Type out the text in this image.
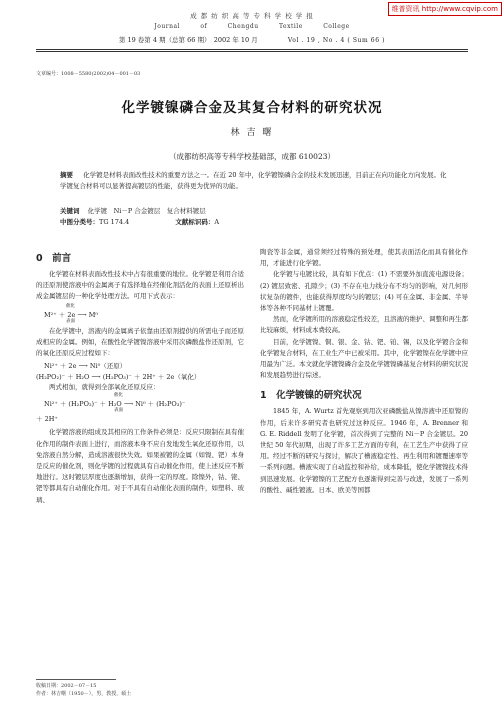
维普资讯 http://www.cqvip.com
成 都 纺 织 高 等 专 科 学 校 学 报
Journal	of	Chengdu	Textile	College
第 19 卷第 4 期（总第 66 期）　2002 年 10 月	Vol . 19 , No . 4 ( Sum 66 )
文章编号：1008－5580(2002)04－001－03
化学镀镍磷合金及其复合材料的研究状况
林 吉 曙
（成都纺织高等专科学校基础部，成都 610023）
摘要 化学镀是材料表面改性技术的重要方法之一。在近 20 年中，化学镀镍磷合金的技术发展迅速，目前正在向功能化方向发展。化学镀复合材料可以显著提高镀层的性能，获得更为优异的功能。
关键词 化学镀　Ni－P 合金镀层　复合材料镀层
中图分类号：TG 174.4	文献标识码：A
0　前言

化学镀在材料表面改性技术中占有很重要的地位。化学镀是利用合适的还原剂使溶液中的金属离子有选择地在经催化剂活化的表面上还原析出成金属镀层的一种化学处理方法。可用下式表示：

催化
M²⁺ ＋ 2e ⟶ M⁰
表面

在化学镀中，溶液内的金属离子依靠由还原剂提供的所需电子而还原成相应的金属。例如，在酸性化学镀镍溶液中采用次磷酸盐作还原剂，它的氧化还原反应过程如下：

Ni²⁺ ＋ 2e ⟶ Ni⁰（还原）
(H₂PO₂)⁻ ＋ H₂O ⟶ (H₂PO₃)⁻ ＋ 2H⁺ ＋ 2e（氧化）

两式相加，就得到全部氧化还原反应：

催化
Ni²⁺ ＋ (H₂PO₂)⁻ ＋ H₂O ⟶ Ni⁰ ＋ (H₂PO₃)⁻
表面
＋ 2H⁺

化学镀溶液的组成及其相应的工作条件必须是：反应只限制在具有催化作用的制件表面上进行，而溶液本身不应自发地发生氧化还原作用，以免溶液自然分解，造成溶液很快失效。如果被镀的金属（如镍、钯）本身是反应的催化剂，则化学镀的过程就具有自动催化作用，使上述反应不断地进行。这时镀层厚度也逐渐增加，获得一定的厚度。除镍外，钴、铑、钯等都具有自动催化作用。对于不具有自动催化表面的制件，如塑料、玻璃、

陶瓷等非金属，通常须经过特殊的预处理，使其表面活化而具有催化作用，才能进行化学镀。

化学镀与电镀比较，具有如下优点：(1) 不需要外加直流电源设备；(2) 镀层致密、孔隙少；(3) 不存在电力线分布不均匀的影响，对几何形状复杂的镀件，也能获得厚度均匀的镀层；(4) 可在金属、非金属、半导体等各种不同基材上镀覆。

然而，化学镀所用的溶液稳定性较差，且溶液的维护、调整和再生都比较麻烦，材料成本费较高。

目前，化学镀镍、铜、银、金、钴、钯、铂、锡，以及化学镀合金和化学镀复合材料，在工业生产中已被采用。其中，化学镀镍在化学镀中应用最为广泛。本文就化学镀镍磷合金及化学镀镍磷基复合材料的研究状况和发展趋势进行综述。

1　化学镀镍的研究状况

1845 年，A. Wurtz 首先观察到用次亚磷酸盐从镍溶液中还原镍的作用，后来许多研究者也研究过这种反应。1946 年，A. Brenner 和 G. E. Riddell 发明了化学镀，首次得到了完整的 Ni－P 合金镀层。20 世纪 50 年代初期，出现了许多工艺方面的专利，在工艺生产中获得了应用。经过不断的研究与探讨，解决了槽液稳定性、再生利用和镀覆速率等一系列问题。槽液实现了自动监控和补给，成本降低，使化学镀镍技术得到迅速发展。化学镀镍的工艺配方也逐渐得到完善与改进，发展了一系列的酸性、碱性镀液。日本、欧美等国都

收稿日期：2002－07－15
作者：林吉曙（1950－），男，教授，硕士
